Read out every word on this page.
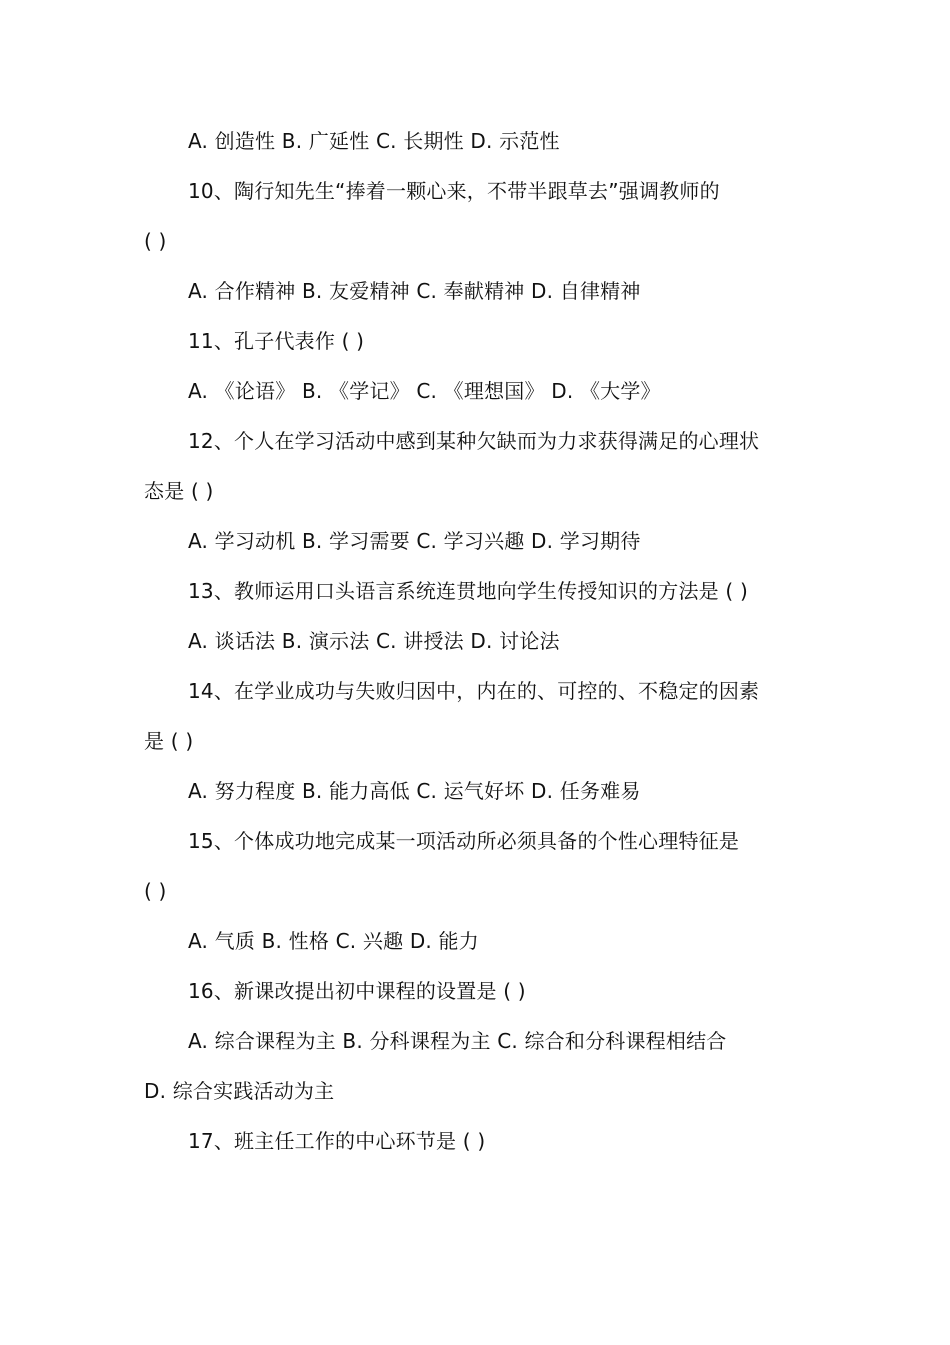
A. 创造性 B. 广延性 C. 长期性 D. 示范性
10、陶行知先生“捧着一颗心来，不带半跟草去”强调教师的
( )
A. 合作精神 B. 友爱精神 C. 奉献精神 D. 自律精神
11、孔子代表作 ( )
A. 《论语》 B. 《学记》 C. 《理想国》 D. 《大学》
12、个人在学习活动中感到某种欠缺而为力求获得满足的心理状
态是 ( )
A. 学习动机 B. 学习需要 C. 学习兴趣 D. 学习期待
13、教师运用口头语言系统连贯地向学生传授知识的方法是 ( )
A. 谈话法 B. 演示法 C. 讲授法 D. 讨论法
14、在学业成功与失败归因中，内在的、可控的、不稳定的因素
是 ( )
A. 努力程度 B. 能力高低 C. 运气好坏 D. 任务难易
15、个体成功地完成某一项活动所必须具备的个性心理特征是
( )
A. 气质 B. 性格 C. 兴趣 D. 能力
16、新课改提出初中课程的设置是 ( )
A. 综合课程为主 B. 分科课程为主 C. 综合和分科课程相结合
D. 综合实践活动为主
17、班主任工作的中心环节是 ( )
